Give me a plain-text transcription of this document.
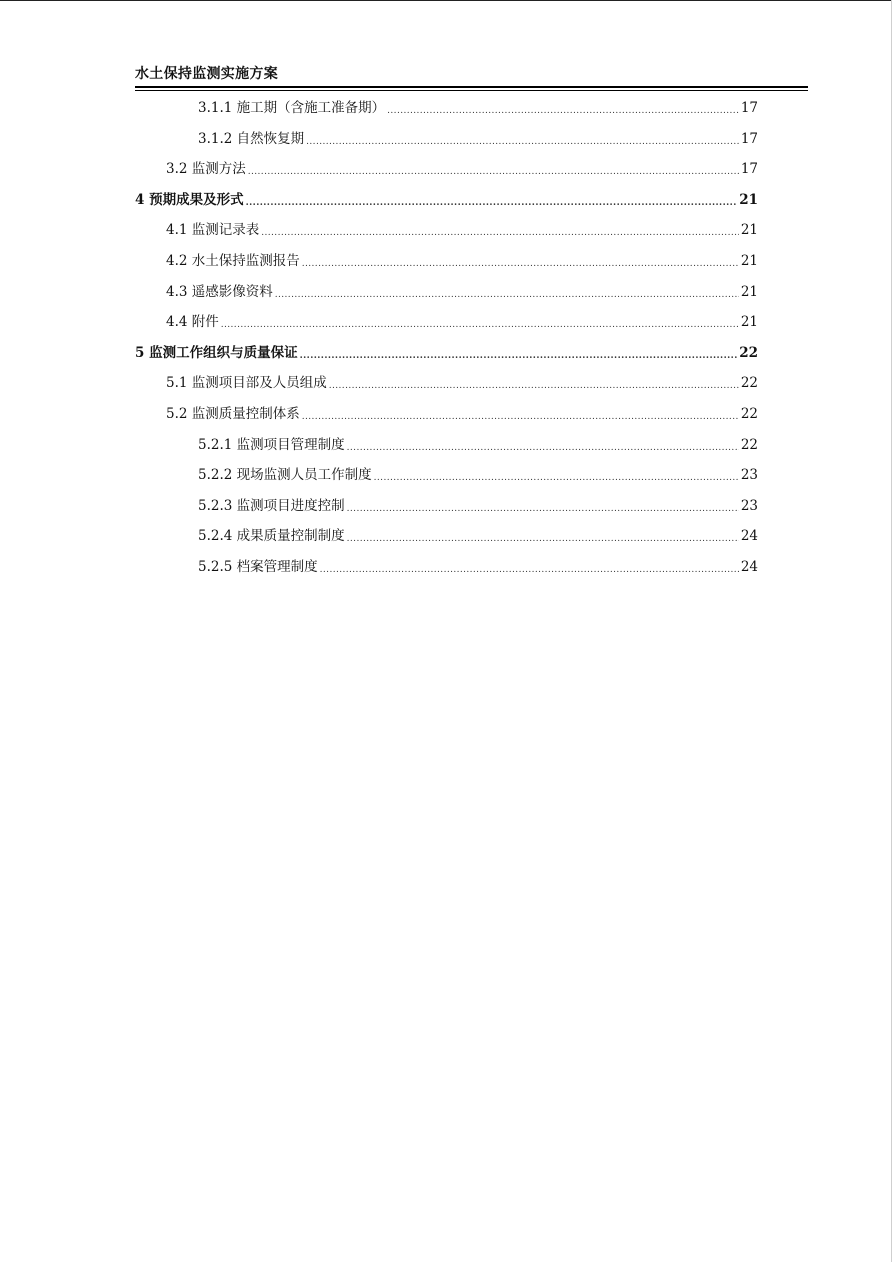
水土保持监测实施方案
3.1.1 施工期（含施工准备期） .....	17
3.1.2 自然恢复期 .....	17
3.2 监测方法 .....	17
4 预期成果及形式 .....	21
4.1 监测记录表 .....	21
4.2 水土保持监测报告 .....	21
4.3 遥感影像资料 .....	21
4.4 附件 .....	21
5 监测工作组织与质量保证 .....	22
5.1 监测项目部及人员组成 .....	22
5.2 监测质量控制体系 .....	22
5.2.1 监测项目管理制度 .....	22
5.2.2 现场监测人员工作制度 .....	23
5.2.3 监测项目进度控制 .....	23
5.2.4 成果质量控制制度 .....	24
5.2.5 档案管理制度 .....	24
